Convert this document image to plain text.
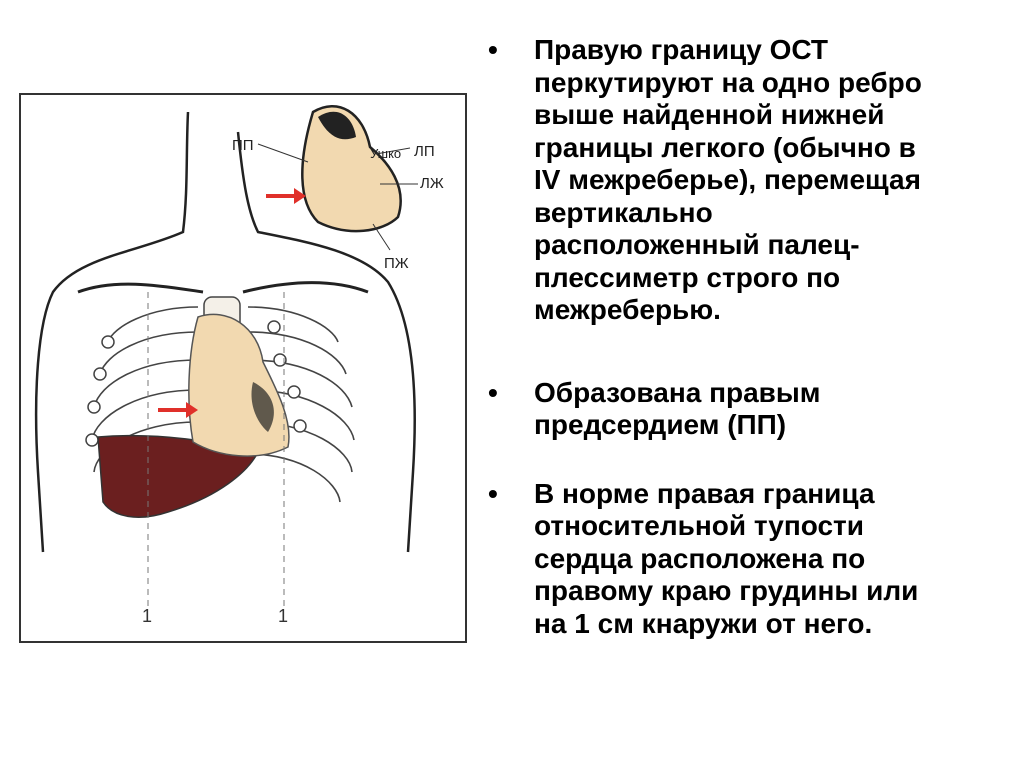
1	1
ПП	Ушко ЛП
ЛЖ
ПЖ
•	Правую границу ОСТ
перкутируют на одно ребро
выше найденной нижней
границы легкого (обычно в
IV межреберье), перемещая
вертикально
расположенный палец-
плессиметр строго по
межреберью.
•	Образована правым
предсердием (ПП)
•	В норме правая граница
относительной тупости
сердца расположена по
правому краю грудины или
на 1 см кнаружи от него.
